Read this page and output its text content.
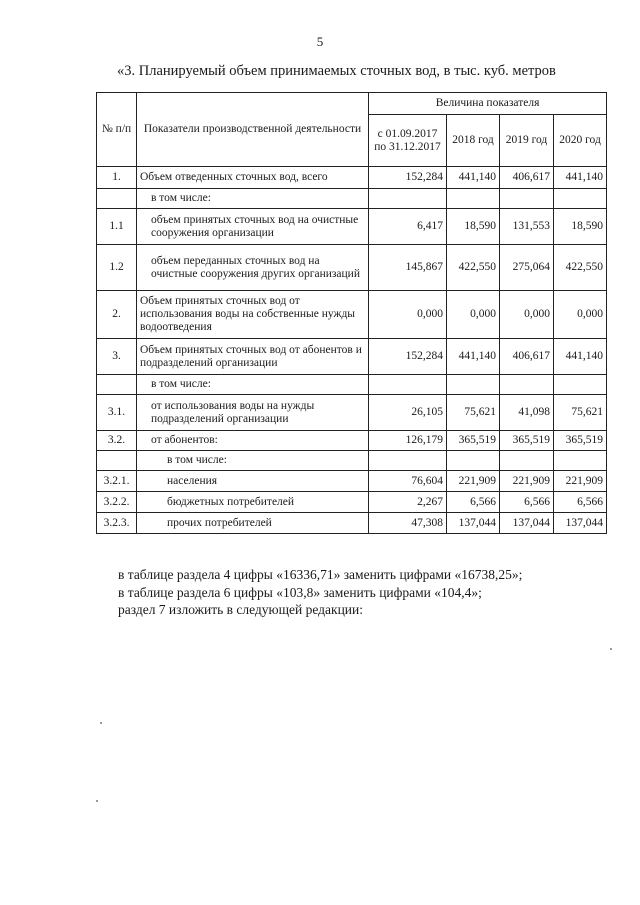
5
«3. Планируемый объем принимаемых сточных вод, в тыс. куб. метров
№ п/п	Показатели производственной деятельности	Величина показателя			
		с 01.09.2017 по 31.12.2017	2018 год	2019 год	2020 год
1.	Объем отведенных сточных вод, всего	152,284	441,140	406,617	441,140
	в том числе:				
1.1	объем принятых сточных вод на очистные сооружения организации	6,417	18,590	131,553	18,590
1.2	объем переданных сточных вод на очистные сооружения других организаций	145,867	422,550	275,064	422,550
2.	Объем принятых сточных вод от использования воды на собственные нужды водоотведения	0,000	0,000	0,000	0,000
3.	Объем принятых сточных вод от абонентов и подразделений организации	152,284	441,140	406,617	441,140
	в том числе:				
3.1.	от использования воды на нужды подразделений организации	26,105	75,621	41,098	75,621
3.2.	от абонентов:	126,179	365,519	365,519	365,519
	в том числе:				
3.2.1.	населения	76,604	221,909	221,909	221,909
3.2.2.	бюджетных потребителей	2,267	6,566	6,566	6,566
3.2.3.	прочих потребителей	47,308	137,044	137,044	137,044
в таблице раздела 4 цифры «16336,71» заменить цифрами «16738,25»;
в таблице раздела 6 цифры «103,8» заменить цифрами «104,4»;
раздел 7 изложить в следующей редакции:
